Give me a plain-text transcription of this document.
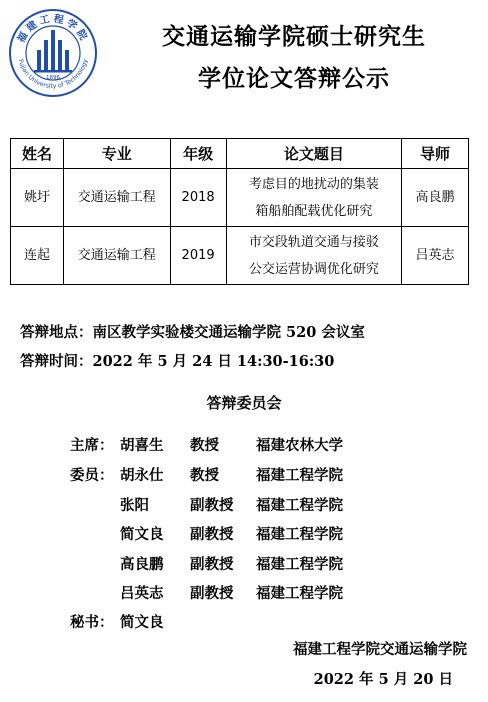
福建工程学院
Fujian University of Technology
1896
交通运输学院硕士研究生
学位论文答辩公示
姓名	专业	年级	论文题目	导师
姚圩	交通运输工程	2018	考虑目的地扰动的集装
箱船舶配载优化研究	高良鹏
连起	交通运输工程	2019	市交段轨道交通与接驳
公交运营协调优化研究	吕英志
答辩地点：南区教学实验楼交通运输学院 520 会议室
答辩时间：2022 年 5 月 24 日 14:30-16:30
答辩委员会
主席： 胡喜生 教授	福建农林大学
委员： 胡永仕 教授	福建工程学院
张阳	副教授 福建工程学院
简文良 副教授 福建工程学院
高良鹏 副教授 福建工程学院
吕英志 副教授 福建工程学院
秘书： 简文良
福建工程学院交通运输学院
2022 年 5 月 20 日
